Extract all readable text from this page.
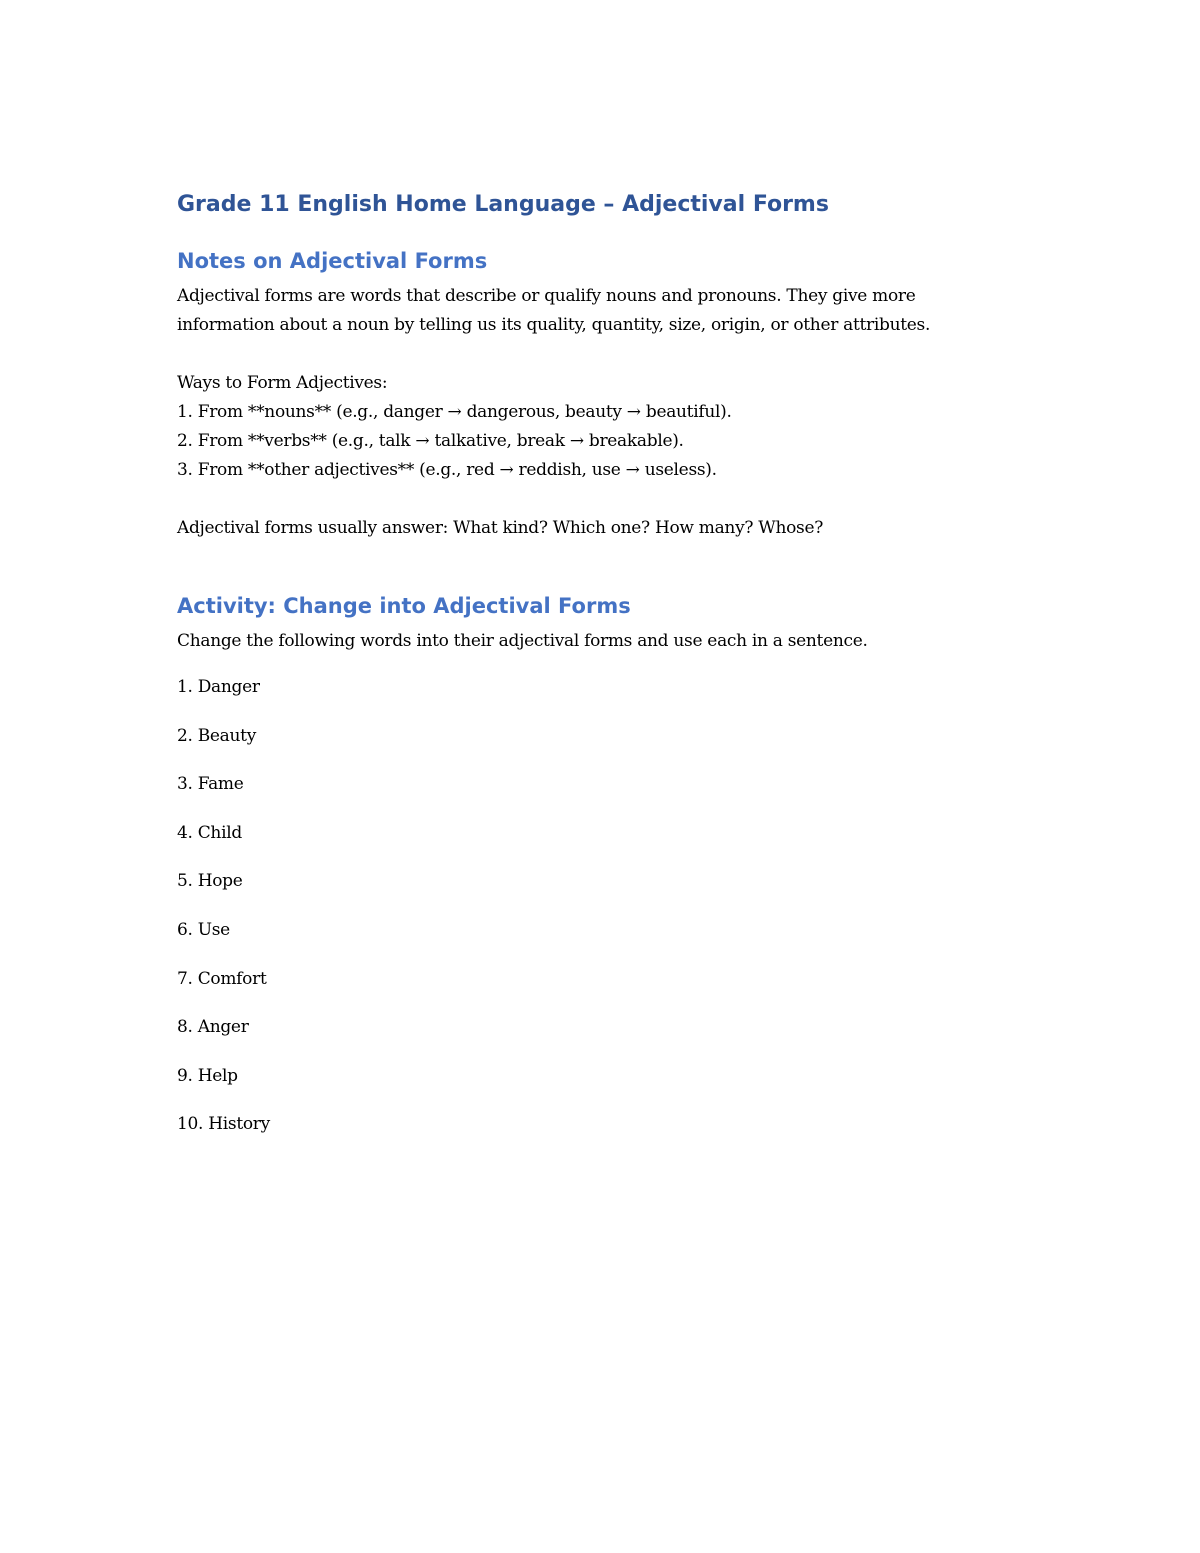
Grade 11 English Home Language – Adjectival Forms
Notes on Adjectival Forms

Adjectival forms are words that describe or qualify nouns and pronouns. They give more

information about a noun by telling us its quality, quantity, size, origin, or other attributes.

Ways to Form Adjectives:

1. From **nouns** (e.g., danger → dangerous, beauty → beautiful).

2. From **verbs** (e.g., talk → talkative, break → breakable).

3. From **other adjectives** (e.g., red → reddish, use → useless).

Adjectival forms usually answer: What kind? Which one? How many? Whose?

Activity: Change into Adjectival Forms

Change the following words into their adjectival forms and use each in a sentence.

1. Danger
2. Beauty
3. Fame
4. Child
5. Hope
6. Use
7. Comfort
8. Anger
9. Help
10. History
